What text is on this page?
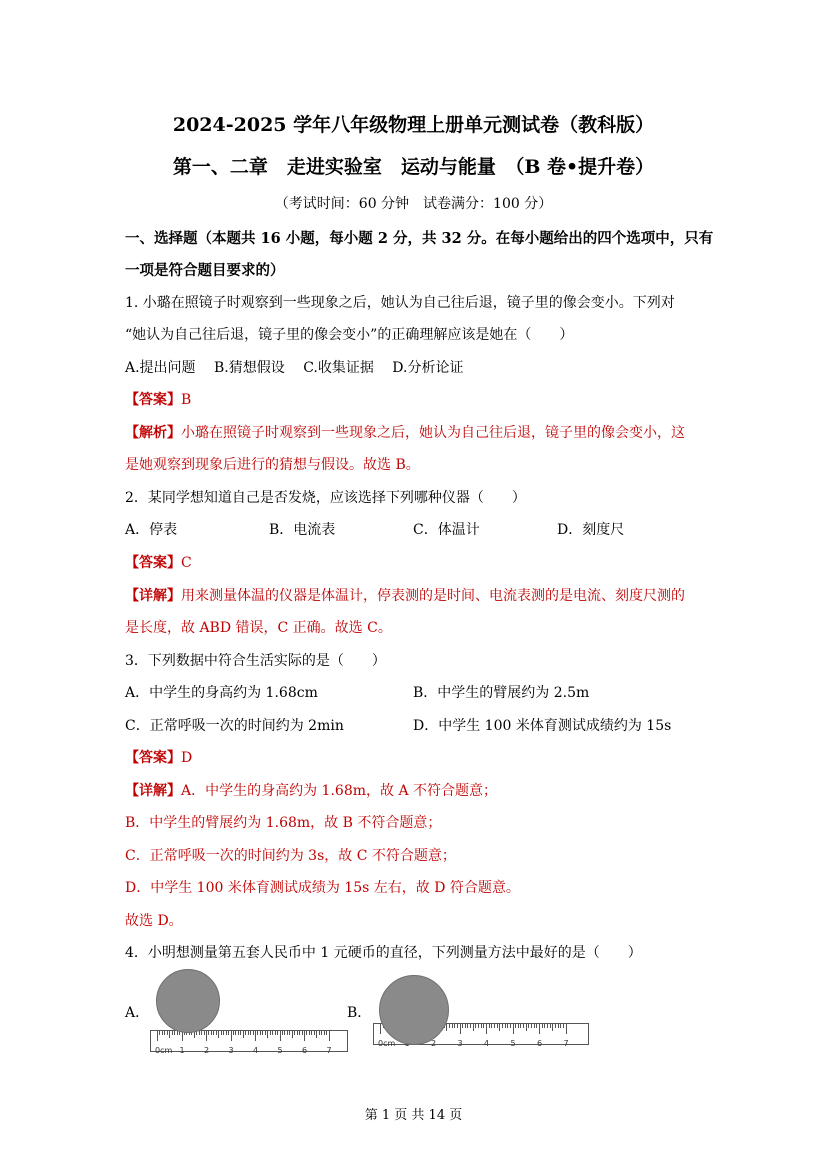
2024-2025 学年八年级物理上册单元测试卷（教科版）
第一、二章　走进实验室　运动与能量　（B 卷•提升卷）
（考试时间：60 分钟　试卷满分：100 分）
一、选择题（本题共 16 小题，每小题 2 分，共 32 分。在每小题给出的四个选项中，只有
一项是符合题目要求的）
1. 小璐在照镜子时观察到一些现象之后，她认为自己往后退，镜子里的像会变小。下列对
“她认为自己往后退，镜子里的像会变小”的正确理解应该是她在（　　）
A.提出问题　 B.猜想假设　 C.收集证据　 D.分析论证
【答案】B
【解析】小璐在照镜子时观察到一些现象之后，她认为自己往后退，镜子里的像会变小，这
是她观察到现象后进行的猜想与假设。故选 B。
2．某同学想知道自己是否发烧，应该选择下列哪种仪器（　　）
A．停表	B．电流表	C．体温计	D．刻度尺
【答案】C
【详解】用来测量体温的仪器是体温计，停表测的是时间、电流表测的是电流、刻度尺测的
是长度，故 ABD 错误，C 正确。故选 C。
3．下列数据中符合生活实际的是（　　）
A．中学生的身高约为 1.68cm	B．中学生的臂展约为 2.5m
C．正常呼吸一次的时间约为 2min	D．中学生 100 米体育测试成绩约为 15s
【答案】D
【详解】A．中学生的身高约为 1.68m，故 A 不符合题意；
B．中学生的臂展约为 1.68m，故 B 不符合题意；
C．正常呼吸一次的时间约为 3s，故 C 不符合题意；
D．中学生 100 米体育测试成绩为 15s 左右，故 D 符合题意。
故选 D。
4．小明想测量第五套人民币中 1 元硬币的直径，下列测量方法中最好的是（　　）
A．
0cm 1 2 3 4 5 6 7
B．
0cm	2	3	4	5	6	7
第 1 页 共 14 页
